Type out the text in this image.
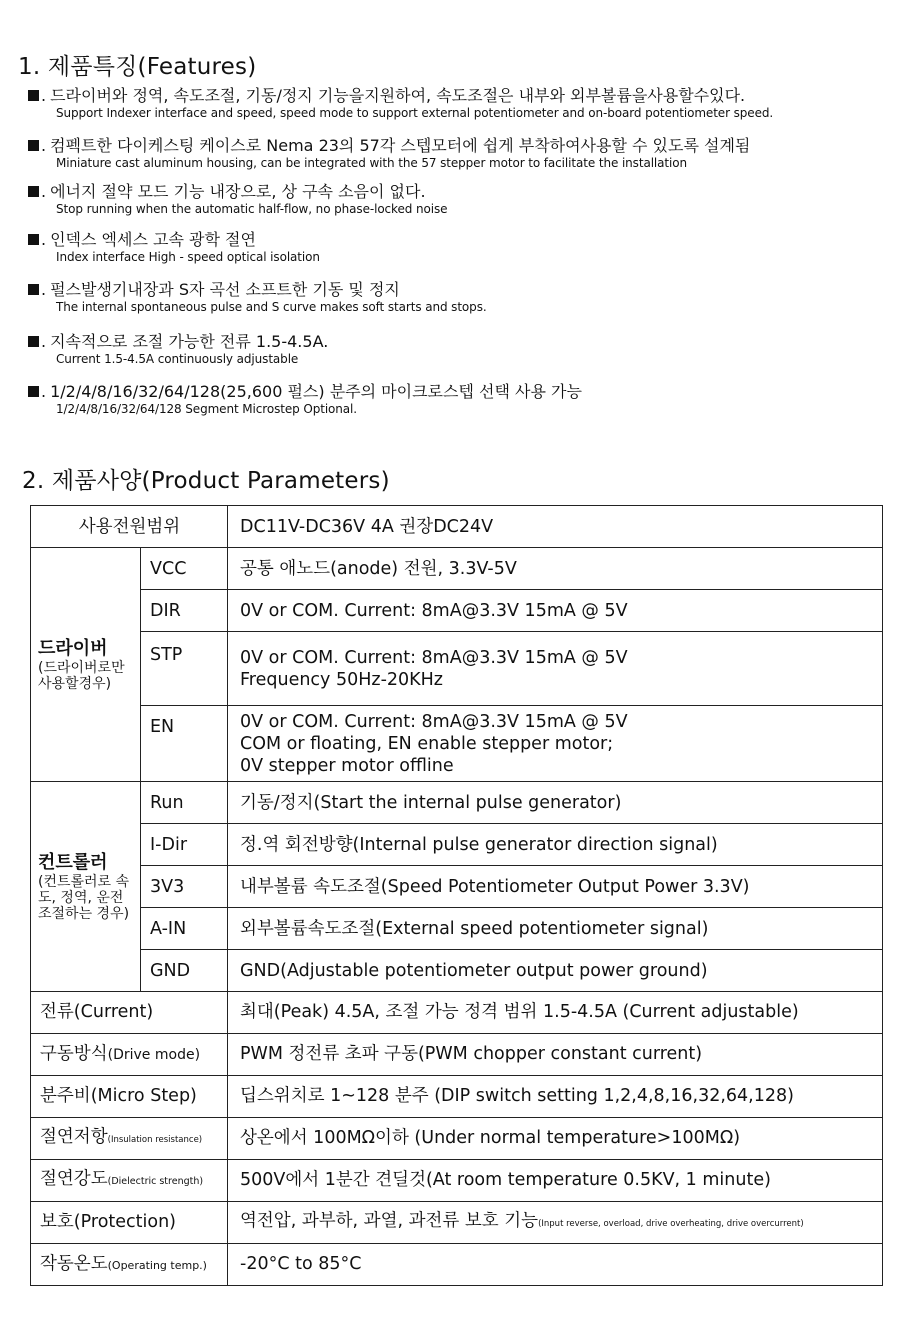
1. 제품특징(Features)
. 드라이버와 정역, 속도조절, 기동/정지 기능을지원하여, 속도조절은 내부와 외부볼륨을사용할수있다.
Support Indexer interface and speed, speed mode to support external potentiometer and on-board potentiometer speed.
. 컴펙트한 다이케스팅 케이스로 Nema 23의 57각 스텝모터에 쉽게 부착하여사용할 수 있도록 설계됨
Miniature cast aluminum housing, can be integrated with the 57 stepper motor to facilitate the installation
. 에너지 절약 모드 기능 내장으로, 상 구속 소음이 없다.
Stop running when the automatic half-flow, no phase-locked noise
. 인덱스 엑세스 고속 광학 절연
Index interface High - speed optical isolation
. 펄스발생기내장과 S자 곡선 소프트한 기동 및 정지
The internal spontaneous pulse and S curve makes soft starts and stops.
. 지속적으로 조절 가능한 전류 1.5-4.5A.
Current 1.5-4.5A continuously adjustable
. 1/2/4/8/16/32/64/128(25,600 펄스) 분주의 마이크로스텝 선택 사용 가능
1/2/4/8/16/32/64/128 Segment Microstep Optional.
2. 제품사양(Product Parameters)
사용전원범위		DC11V-DC36V 4A 권장DC24V

드라이버
(드라이버로만 사용할경우)	VCC	공통 애노드(anode) 전원, 3.3V-5V
	DIR	0V or COM. Current: 8mA@3.3V 15mA @ 5V
	STP	0V or COM. Current: 8mA@3.3V 15mA @ 5V
Frequency 50Hz-20KHz

	EN	0V or COM. Current: 8mA@3.3V 15mA @ 5V
COM or floating, EN enable stepper motor;
0V stepper motor offline

컨트롤러
(컨트롤러로 속도, 정역, 운전조절하는 경우)	Run	기동/정지(Start the internal pulse generator)
	I-Dir	정.역 회전방향(Internal pulse generator direction signal)
	3V3	내부볼륨 속도조절(Speed Potentiometer Output Power 3.3V)
	A-IN	외부볼륨속도조절(External speed potentiometer signal)
	GND	GND(Adjustable potentiometer output power ground)
전류(Current)		최대(Peak) 4.5A, 조절 가능 정격 범위 1.5-4.5A (Current adjustable)
구동방식(Drive mode)		PWM 정전류 초파 구동(PWM chopper constant current)
분주비(Micro Step)		딥스위치로 1~128 분주 (DIP switch setting 1,2,4,8,16,32,64,128)
절연저항(Insulation resistance)		상온에서 100MΩ이하 (Under normal temperature>100MΩ)
절연강도(Dielectric strength)		500V에서 1분간 견딜것(At room temperature 0.5KV, 1 minute)
보호(Protection)		역전압, 과부하, 과열, 과전류 보호 기능(Input reverse, overload, drive overheating, drive overcurrent)
작동온도(Operating temp.)		-20°C to 85°C
